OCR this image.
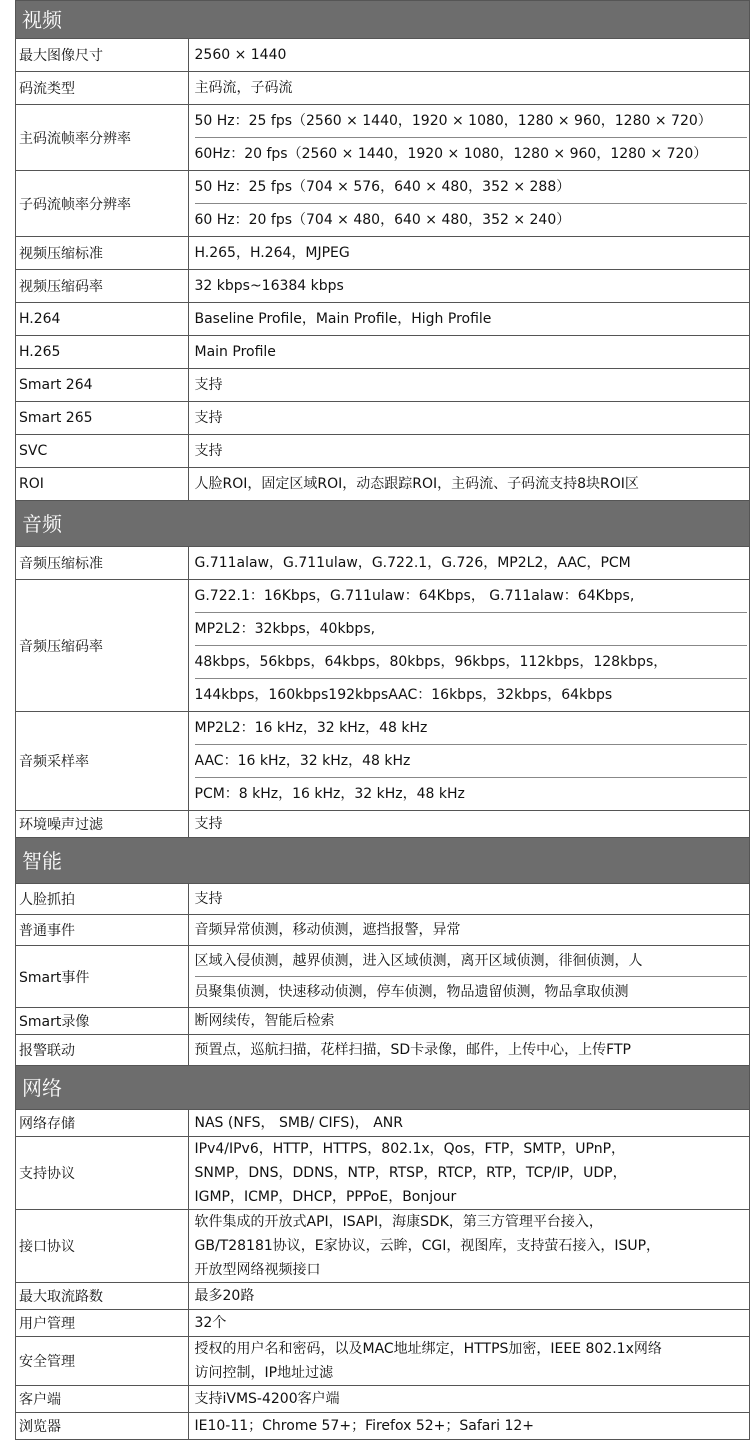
视频
最大图像尺寸	2560 × 1440

码流类型	主码流，子码流

主码流帧率分辨率	50 Hz：25 fps（2560 × 1440，1920 × 1080，1280 × 960，1280 × 720）
60Hz：20 fps（2560 × 1440，1920 × 1080，1280 × 960，1280 × 720）

子码流帧率分辨率	50 Hz：25 fps（704 × 576，640 × 480，352 × 288）
60 Hz：20 fps（704 × 480，640 × 480，352 × 240）

视频压缩标准	H.265，H.264，MJPEG

视频压缩码率	32 kbps~16384 kbps

H.264	Baseline Profile，Main Profile，High Profile

H.265	Main Profile

Smart 264	支持

Smart 265	支持

SVC	支持

ROI	人脸ROI，固定区域ROI，动态跟踪ROI，主码流、子码流支持8块ROI区
音频
音频压缩标准	G.711alaw，G.711ulaw，G.722.1，G.726，MP2L2，AAC，PCM

音频压缩码率	G.722.1：16Kbps，G.711ulaw：64Kbps， G.711alaw：64Kbps,
MP2L2：32kbps，40kbps,
48kbps，56kbps，64kbps，80kbps，96kbps，112kbps，128kbps，
144kbps，160kbps192kbpsAAC：16kbps，32kbps，64kbps

音频采样率	MP2L2：16 kHz，32 kHz，48 kHz
AAC：16 kHz，32 kHz，48 kHz
PCM：8 kHz，16 kHz，32 kHz，48 kHz

环境噪声过滤	支持
智能
人脸抓拍	支持

普通事件	音频异常侦测，移动侦测，遮挡报警，异常

Smart事件	区域入侵侦测，越界侦测，进入区域侦测，离开区域侦测，徘徊侦测，人
员聚集侦测，快速移动侦测，停车侦测，物品遗留侦测，物品拿取侦测

Smart录像	断网续传，智能后检索

报警联动	预置点，巡航扫描，花样扫描，SD卡录像，邮件，上传中心，上传FTP
网络
网络存储	NAS (NFS， SMB/ CIFS)， ANR

支持协议	IPv4/IPv6，HTTP，HTTPS，802.1x，Qos，FTP，SMTP，UPnP，
SNMP，DNS，DDNS，NTP，RTSP，RTCP，RTP，TCP/IP，UDP，
IGMP，ICMP，DHCP，PPPoE，Bonjour

接口协议	软件集成的开放式API，ISAPI，海康SDK，第三方管理平台接入，
GB/T28181协议，E家协议，云眸，CGI，视图库，支持萤石接入，ISUP，
开放型网络视频接口

最大取流路数	最多20路

用户管理	32个

安全管理	授权的用户名和密码，以及MAC地址绑定，HTTPS加密，IEEE 802.1x网络
访问控制，IP地址过滤

客户端	支持iVMS-4200客户端

浏览器	IE10-11；Chrome 57+；Firefox 52+；Safari 12+
